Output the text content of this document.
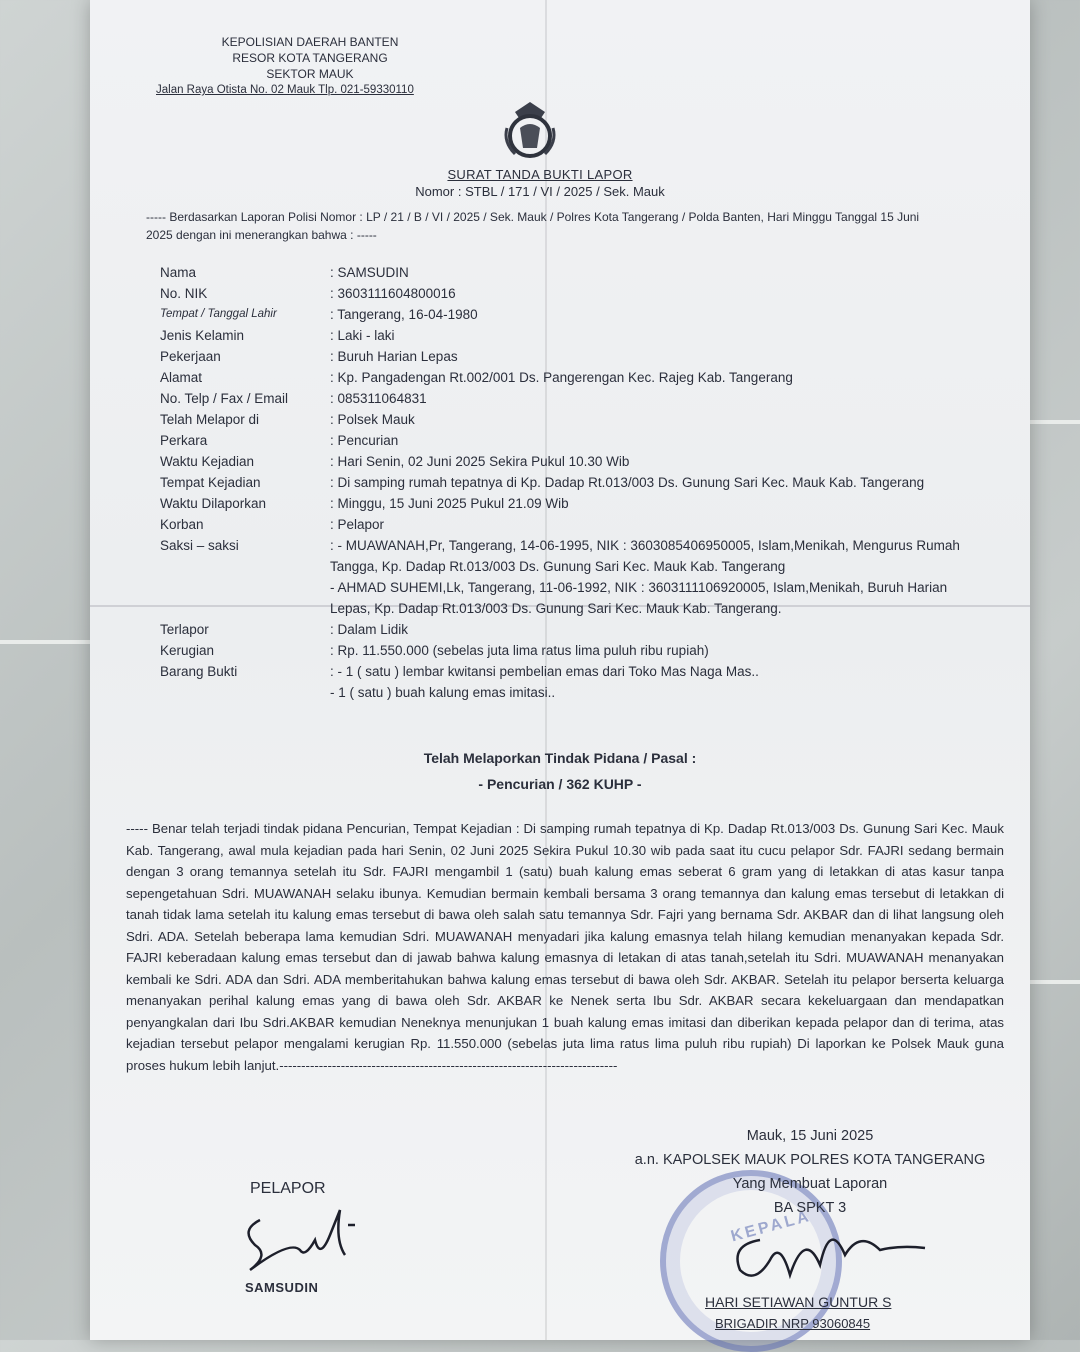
KEPOLISIAN DAERAH BANTEN
RESOR KOTA TANGERANG
SEKTOR MAUK
Jalan Raya Otista No. 02 Mauk Tlp. 021-59330110
SURAT TANDA BUKTI LAPOR
Nomor : STBL / 171 / VI / 2025 / Sek. Mauk
----- Berdasarkan Laporan Polisi Nomor : LP / 21 / B / VI / 2025 / Sek. Mauk / Polres Kota Tangerang / Polda Banten, Hari Minggu Tanggal 15 Juni 2025 dengan ini menerangkan bahwa : -----
Nama	: SAMSUDIN
No. NIK	: 3603111604800016
Tempat / Tanggal Lahir	: Tangerang, 16-04-1980
Jenis Kelamin	: Laki - laki
Pekerjaan	: Buruh Harian Lepas
Alamat	: Kp. Pangadengan Rt.002/001 Ds. Pangerengan Kec. Rajeg Kab. Tangerang
No. Telp / Fax / Email	: 085311064831
Telah Melapor di	: Polsek Mauk
Perkara	: Pencurian
Waktu Kejadian	: Hari Senin, 02 Juni 2025 Sekira Pukul 10.30 Wib
Tempat Kejadian	: Di samping rumah tepatnya di Kp. Dadap Rt.013/003 Ds. Gunung Sari Kec. Mauk Kab. Tangerang
Waktu Dilaporkan	: Minggu, 15 Juni 2025 Pukul 21.09 Wib
Korban	: Pelapor
Saksi – saksi	: - MUAWANAH,Pr, Tangerang, 14-06-1995, NIK : 3603085406950005, Islam,Menikah, Mengurus Rumah Tangga, Kp. Dadap Rt.013/003 Ds. Gunung Sari Kec. Mauk Kab. Tangerang
- AHMAD SUHEMI,Lk, Tangerang, 11-06-1992, NIK : 3603111106920005, Islam,Menikah, Buruh Harian Lepas, Kp. Dadap Rt.013/003 Ds. Gunung Sari Kec. Mauk Kab. Tangerang.
Terlapor	: Dalam Lidik
Kerugian	: Rp. 11.550.000 (sebelas juta lima ratus lima puluh ribu rupiah)
Barang Bukti	: - 1 ( satu ) lembar kwitansi pembelian emas dari Toko Mas Naga Mas..
- 1 ( satu ) buah kalung emas imitasi..
Telah Melaporkan Tindak Pidana / Pasal :
- Pencurian / 362 KUHP -
----- Benar telah terjadi tindak pidana Pencurian, Tempat Kejadian : Di samping rumah tepatnya di Kp. Dadap Rt.013/003 Ds. Gunung Sari Kec. Mauk Kab. Tangerang, awal mula kejadian pada hari Senin, 02 Juni 2025 Sekira Pukul 10.30 wib pada saat itu cucu pelapor Sdr. FAJRI sedang bermain dengan 3 orang temannya setelah itu Sdr. FAJRI mengambil 1 (satu) buah kalung emas seberat 6 gram yang di letakkan di atas kasur tanpa sepengetahuan Sdri. MUAWANAH selaku ibunya. Kemudian bermain kembali bersama 3 orang temannya dan kalung emas tersebut di letakkan di tanah tidak lama setelah itu kalung emas tersebut di bawa oleh salah satu temannya Sdr. Fajri yang bernama Sdr. AKBAR dan di lihat langsung oleh Sdri. ADA. Setelah beberapa lama kemudian Sdri. MUAWANAH menyadari jika kalung emasnya telah hilang kemudian menanyakan kepada Sdr. FAJRI keberadaan kalung emas tersebut dan di jawab bahwa kalung emasnya di letakan di atas tanah,setelah itu Sdri. MUAWANAH menanyakan kembali ke Sdri. ADA dan Sdri. ADA memberitahukan bahwa kalung emas tersebut di bawa oleh Sdr. AKBAR. Setelah itu pelapor berserta keluarga menanyakan perihal kalung emas yang di bawa oleh Sdr. AKBAR ke Nenek serta Ibu Sdr. AKBAR secara kekeluargaan dan mendapatkan penyangkalan dari Ibu Sdri.AKBAR kemudian Neneknya menunjukan 1 buah kalung emas imitasi dan diberikan kepada pelapor dan di terima, atas kejadian tersebut pelapor mengalami kerugian Rp. 11.550.000 (sebelas juta lima ratus lima puluh ribu rupiah) Di laporkan ke Polsek Mauk guna proses hukum lebih lanjut.-----------------------------------------------------------------------------
KEPALA
Mauk, 15 Juni 2025
a.n. KAPOLSEK MAUK POLRES KOTA TANGERANG
Yang Membuat Laporan
BA SPKT 3
PELAPOR
SAMSUDIN
HARI SETIAWAN GUNTUR S
BRIGADIR NRP 93060845
